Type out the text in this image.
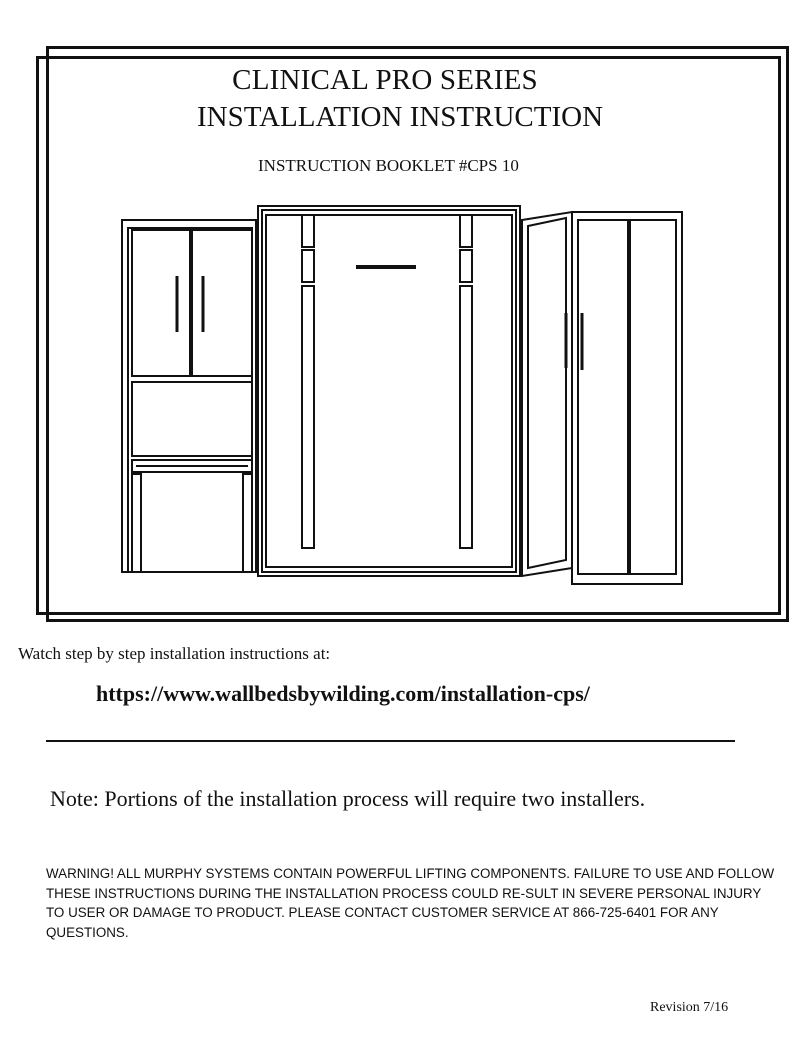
CLINICAL PRO SERIES
INSTALLATION INSTRUCTION
INSTRUCTION BOOKLET #CPS 10
Watch step by step installation instructions at:
https://www.wallbedsbywilding.com/installation-cps/
Note: Portions of the installation process will require two installers.
WARNING! ALL MURPHY SYSTEMS CONTAIN POWERFUL LIFTING COMPONENTS. FAILURE TO USE AND FOLLOW THESE INSTRUCTIONS DURING THE INSTALLATION PROCESS COULD RE-SULT IN SEVERE PERSONAL INJURY TO USER OR DAMAGE TO PRODUCT. PLEASE CONTACT CUSTOMER SERVICE AT 866-725-6401 FOR ANY QUESTIONS.
Revision 7/16
